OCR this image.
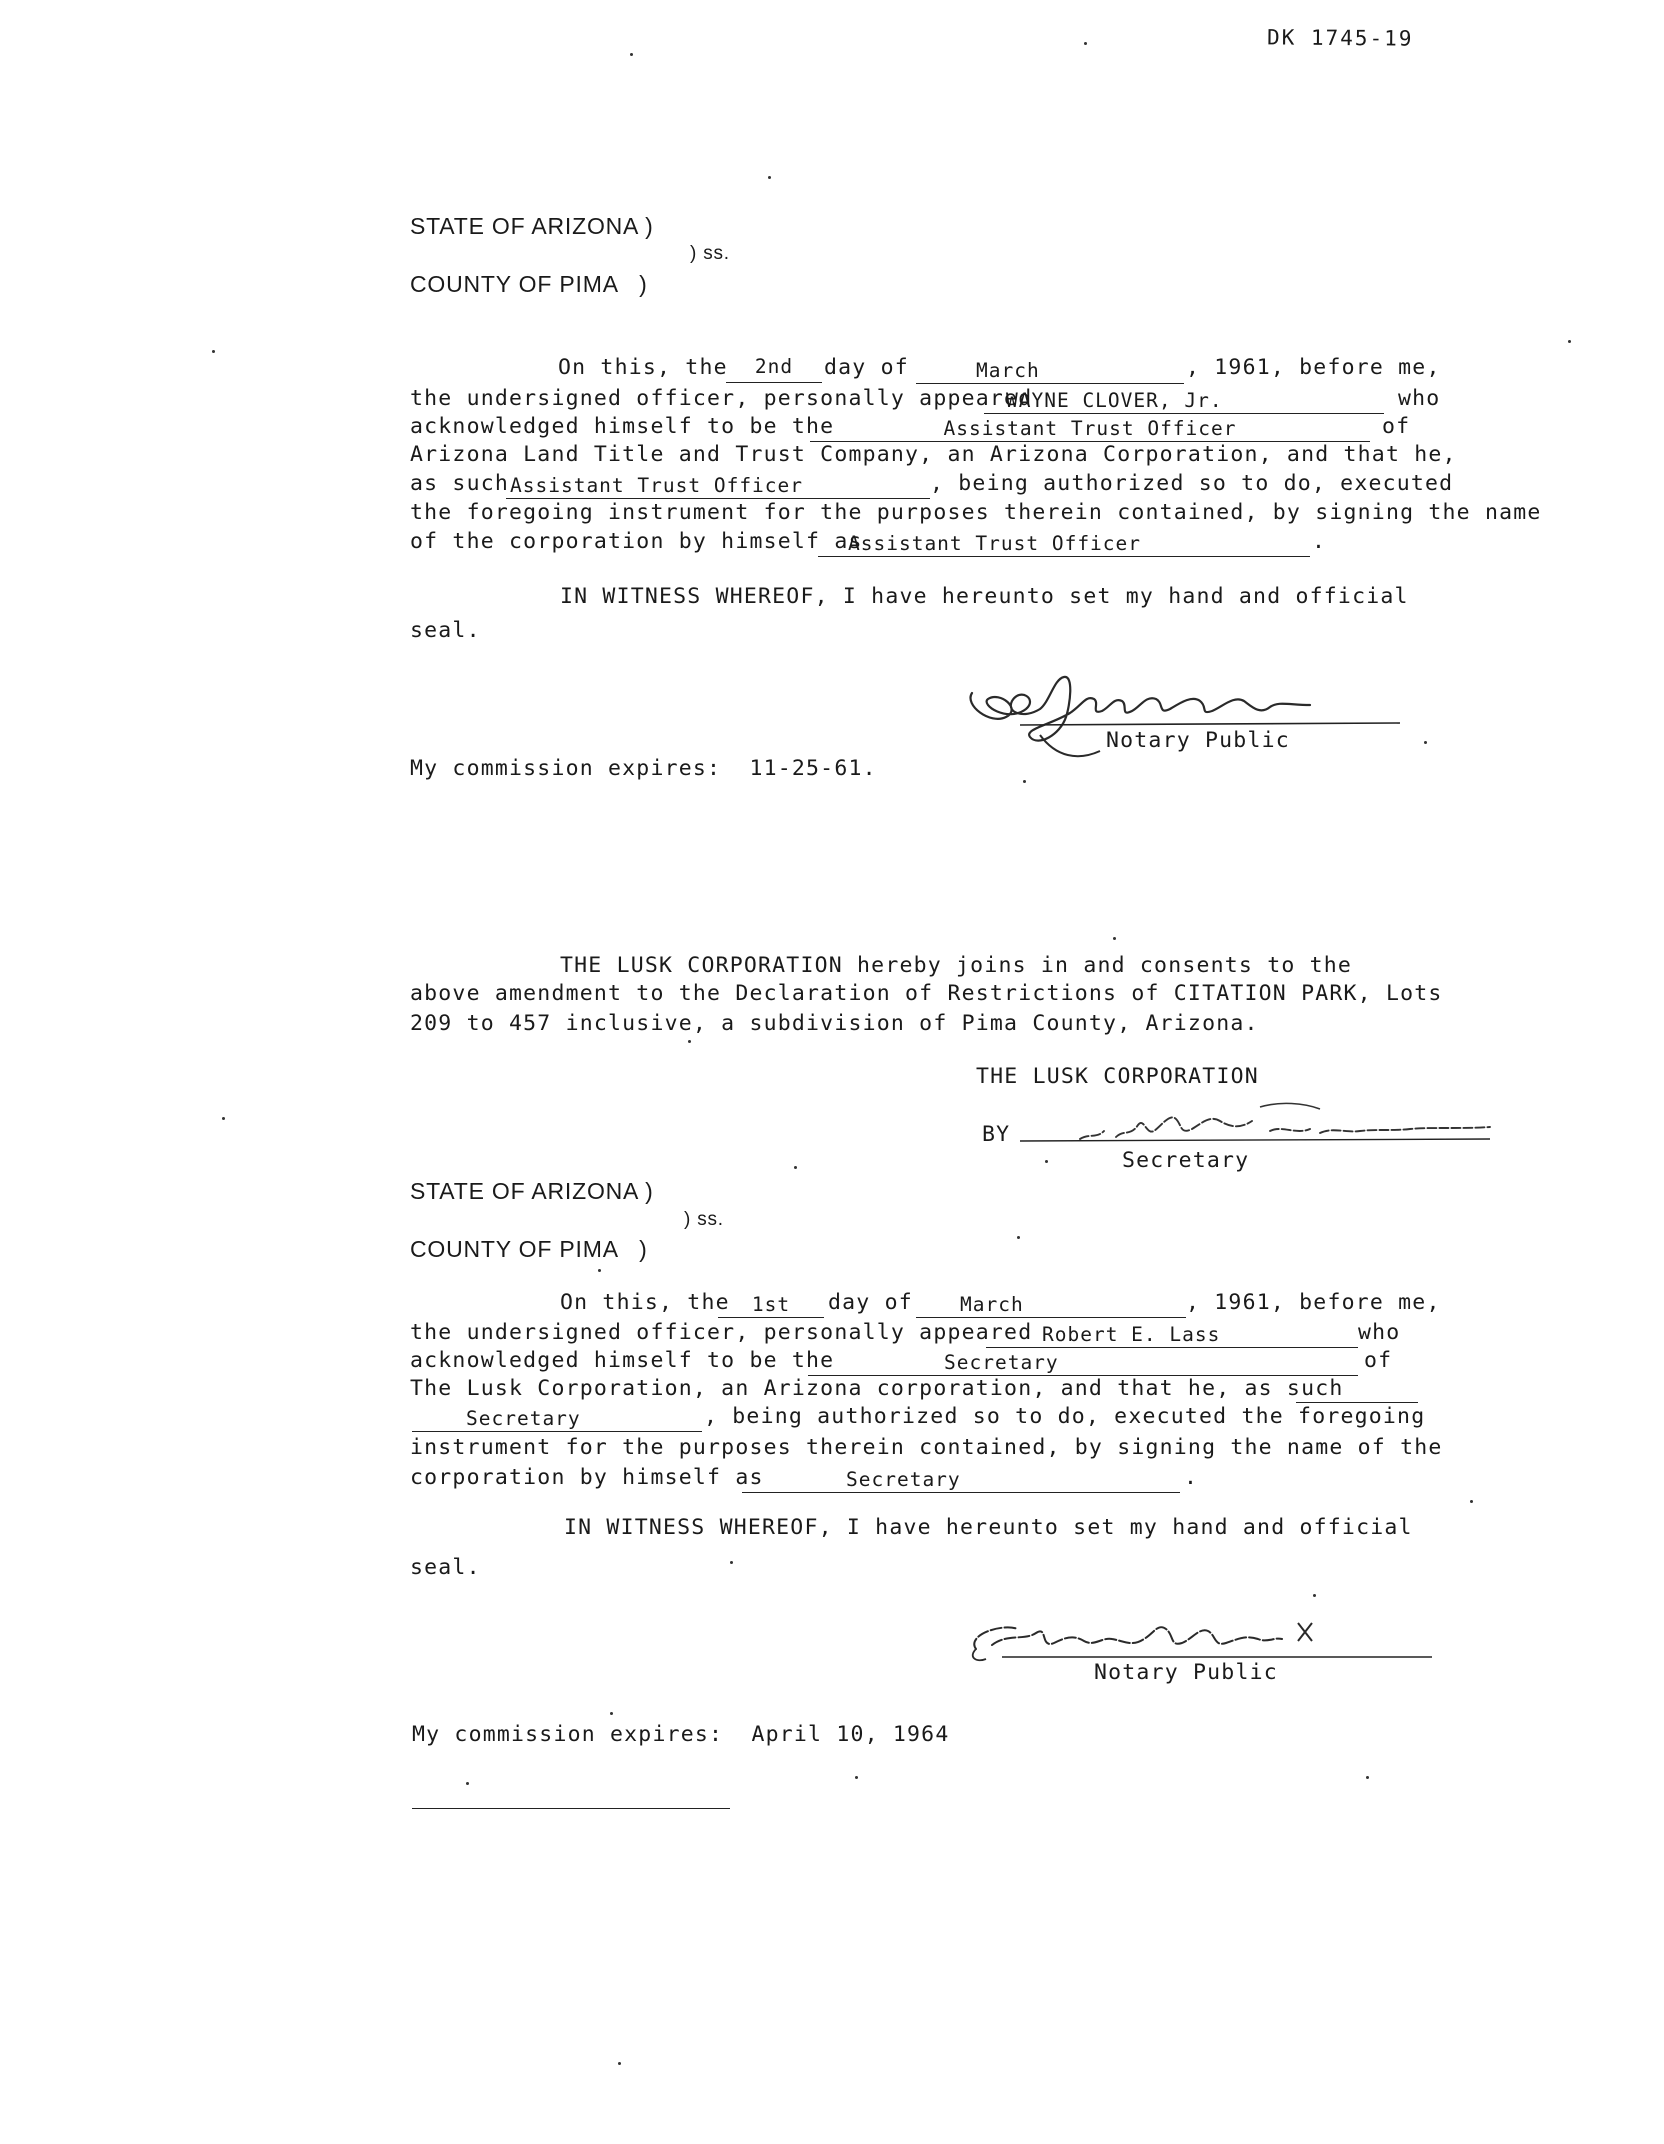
DK 1745-19
STATE OF ARIZONA )
) ss.
COUNTY OF PIMA   )
On this, the	2nd	day of	March	, 1961, before me,
the undersigned officer, personally appeared
WAYNE CLOVER, Jr.	who
acknowledged himself to be the	Assistant Trust Officer	of
Arizona Land Title and Trust Company, an Arizona Corporation, and that he,
as such Assistant Trust Officer	, being authorized so to do, executed
the foregoing instrument for the purposes therein contained, by signing the name
of the corporation by himself as
Assistant Trust Officer	.
IN WITNESS WHEREOF, I have hereunto set my hand and official
seal.
Notary Public
My commission expires:  11-25-61.
THE LUSK CORPORATION hereby joins in and consents to the
above amendment to the Declaration of Restrictions of CITATION PARK, Lots
209 to 457 inclusive, a subdivision of Pima County, Arizona.
THE LUSK CORPORATION
BY
Secretary
STATE OF ARIZONA )
) ss.
COUNTY OF PIMA   )
On this, the	1st	day of March	, 1961, before me,
the undersigned officer, personally appeared Robert E. Lass	who
acknowledged himself to be the	Secretary	of
The Lusk Corporation, an Arizona corporation, and that he, as such
Secretary	, being authorized so to do, executed the foregoing
instrument for the purposes therein contained, by signing the name of the
corporation by himself as	Secretary	.
IN WITNESS WHEREOF, I have hereunto set my hand and official
seal.
Notary Public
My commission expires:  April 10, 1964
